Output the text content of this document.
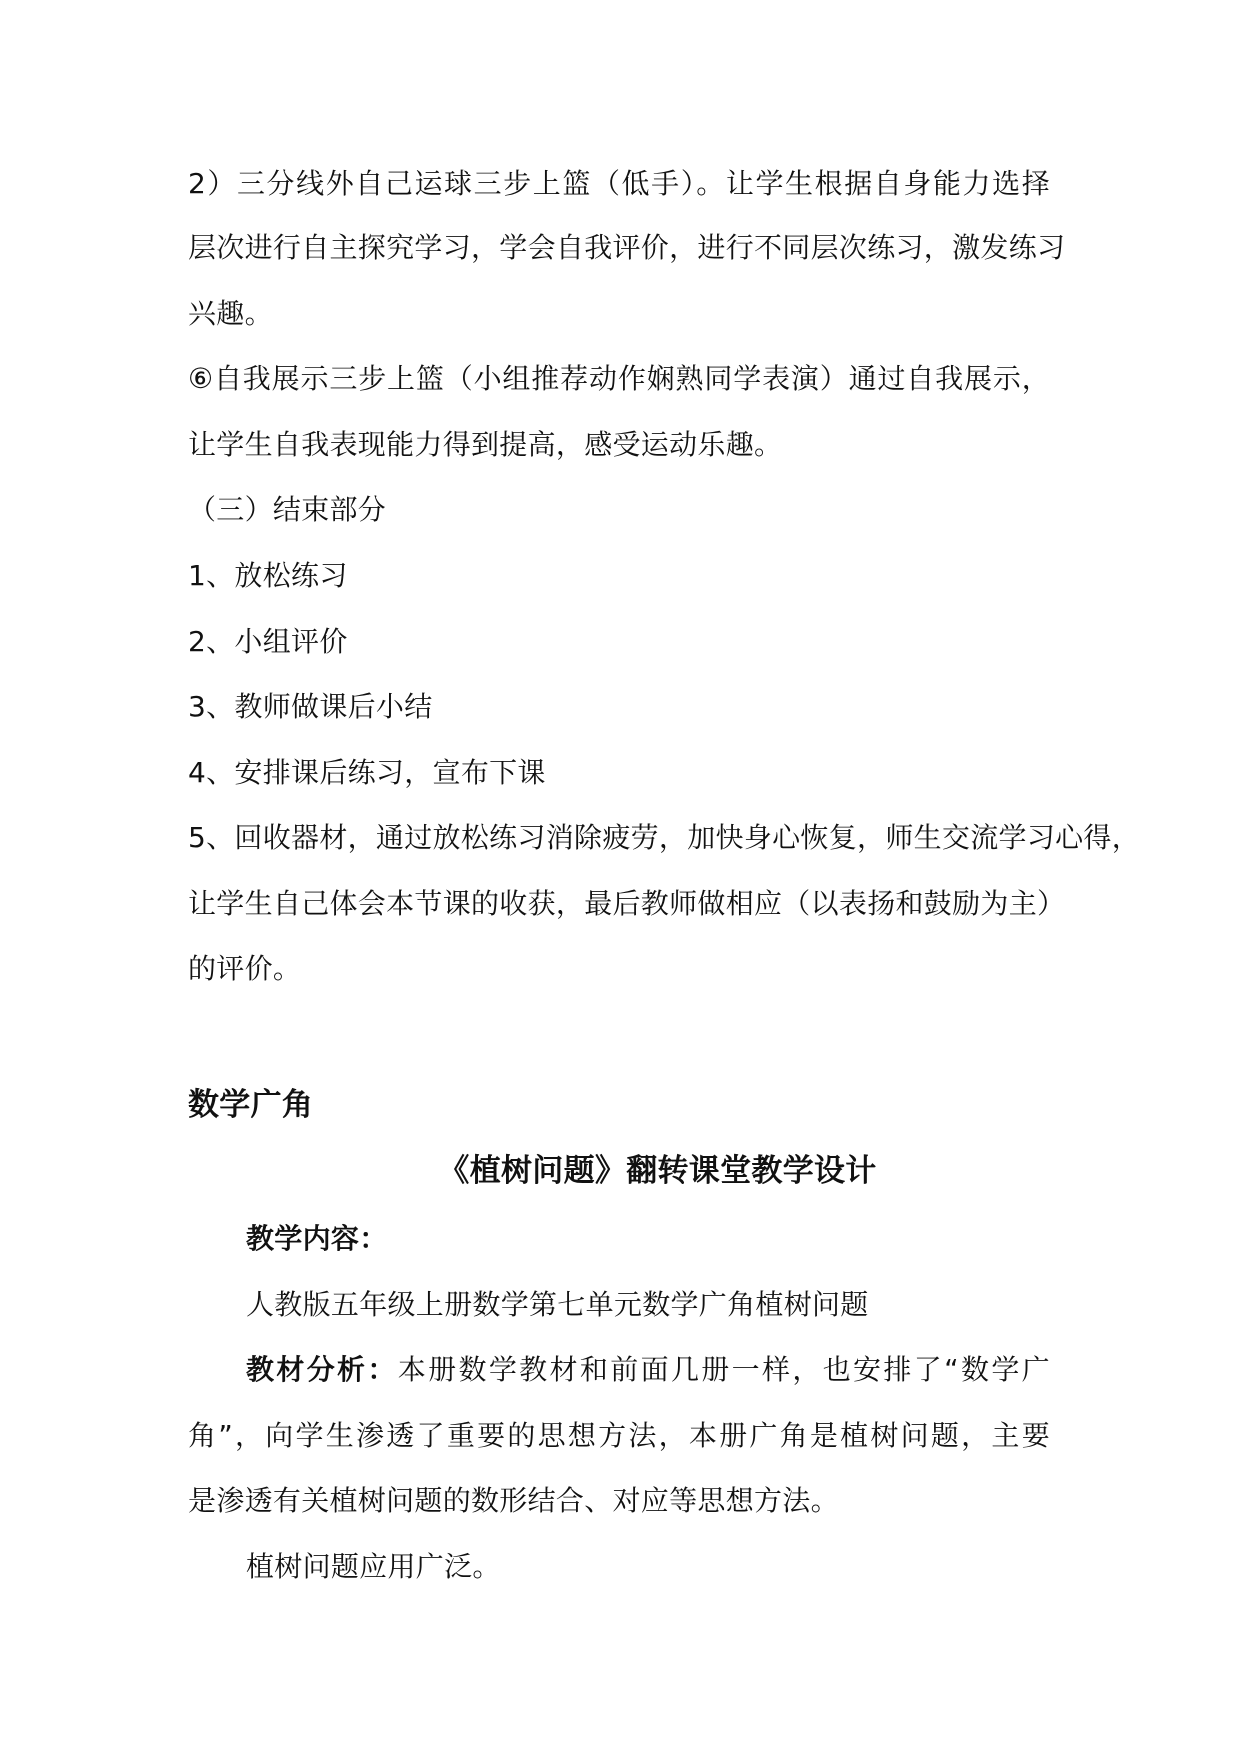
2）三分线外自己运球三步上篮（低手）。让学生根据自身能力选择
层次进行自主探究学习，学会自我评价，进行不同层次练习，激发练习
兴趣。
⑥自我展示三步上篮（小组推荐动作娴熟同学表演）通过自我展示，
让学生自我表现能力得到提高，感受运动乐趣。
（三）结束部分
1、放松练习
2、小组评价
3、教师做课后小结
4、安排课后练习，宣布下课
5、回收器材，通过放松练习消除疲劳，加快身心恢复，师生交流学习心得，
让学生自己体会本节课的收获，最后教师做相应（以表扬和鼓励为主）
的评价。
数学广角
《植树问题》翻转课堂教学设计
教学内容：
人教版五年级上册数学第七单元数学广角植树问题
教材分析：本册数学教材和前面几册一样，也安排了“数学广
角”，向学生渗透了重要的思想方法，本册广角是植树问题，主要
是渗透有关植树问题的数形结合、对应等思想方法。
植树问题应用广泛。
